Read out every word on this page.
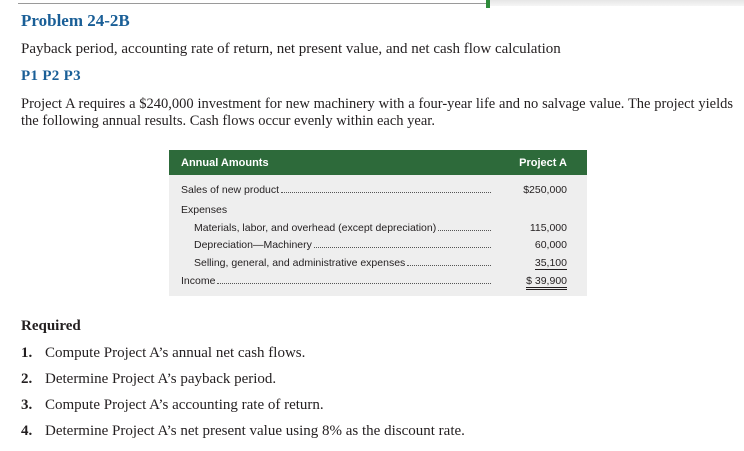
Problem 24-2B
Payback period, accounting rate of return, net present value, and net cash flow calculation
P1 P2 P3
Project A requires a $240,000 investment for new machinery with a four-year life and no salvage value. The project yields the following annual results. Cash flows occur evenly within each year.
Annual Amounts	Project A
Sales of new product	$250,000
Expenses
Materials, labor, and overhead (except depreciation)	115,000
Depreciation—Machinery	60,000
Selling, general, and administrative expenses	35,100
Income	$ 39,900
Required
1. Compute Project A’s annual net cash flows.
2. Determine Project A’s payback period.
3. Compute Project A’s accounting rate of return.
4. Determine Project A’s net present value using 8% as the discount rate.
